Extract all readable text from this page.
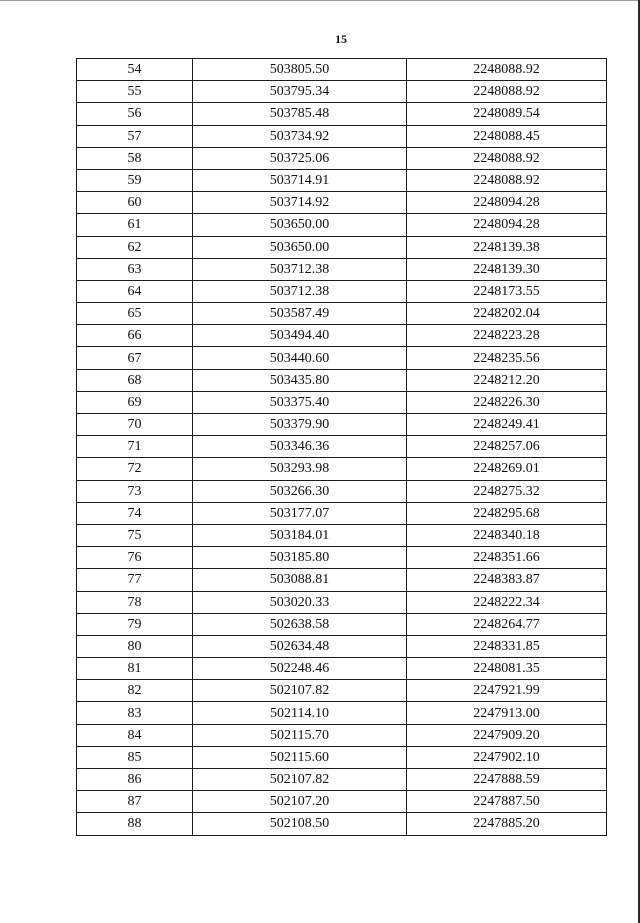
15
54	503805.50	2248088.92
55	503795.34	2248088.92
56	503785.48	2248089.54
57	503734.92	2248088.45
58	503725.06	2248088.92
59	503714.91	2248088.92
60	503714.92	2248094.28
61	503650.00	2248094.28
62	503650.00	2248139.38
63	503712.38	2248139.30
64	503712.38	2248173.55
65	503587.49	2248202.04
66	503494.40	2248223.28
67	503440.60	2248235.56
68	503435.80	2248212.20
69	503375.40	2248226.30
70	503379.90	2248249.41
71	503346.36	2248257.06
72	503293.98	2248269.01
73	503266.30	2248275.32
74	503177.07	2248295.68
75	503184.01	2248340.18
76	503185.80	2248351.66
77	503088.81	2248383.87
78	503020.33	2248222.34
79	502638.58	2248264.77
80	502634.48	2248331.85
81	502248.46	2248081.35
82	502107.82	2247921.99
83	502114.10	2247913.00
84	502115.70	2247909.20
85	502115.60	2247902.10
86	502107.82	2247888.59
87	502107.20	2247887.50
88	502108.50	2247885.20
